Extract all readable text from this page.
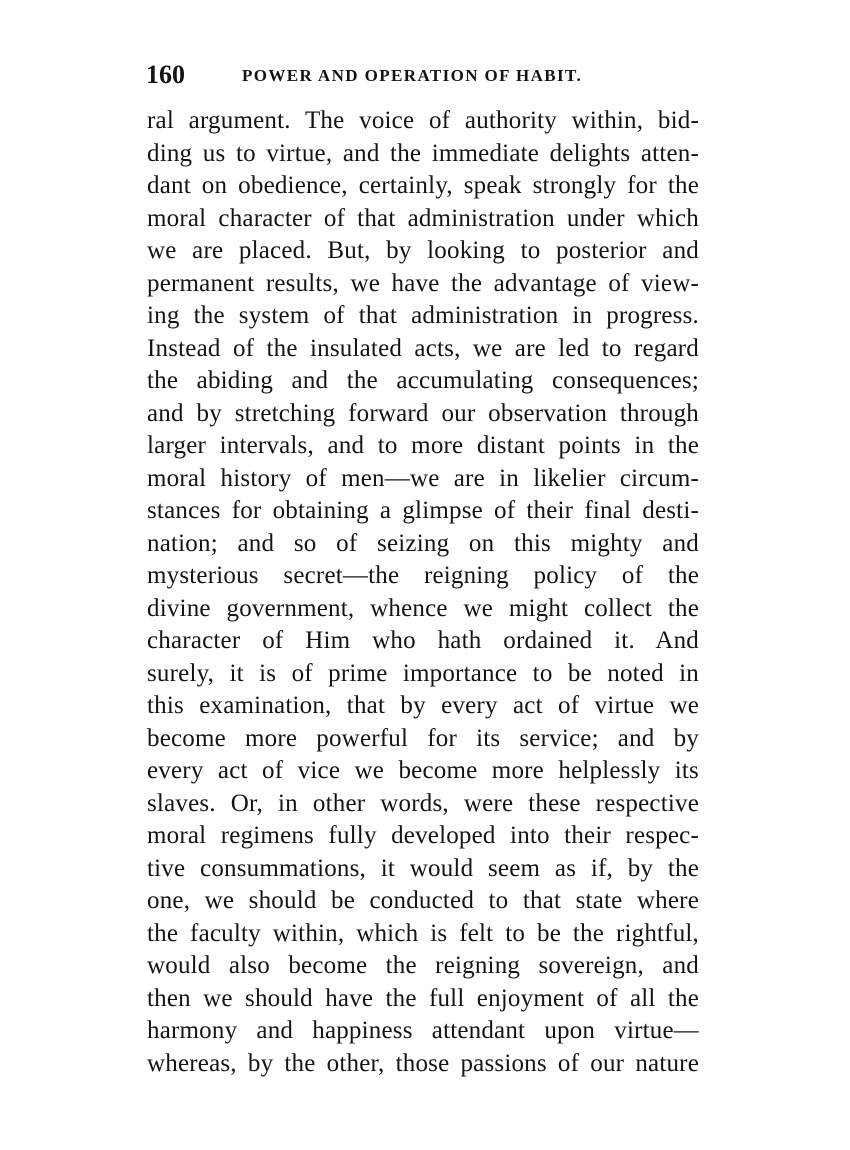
160	POWER AND OPERATION OF HABIT.
ral argument. The voice of authority within, bid-
ding us to virtue, and the immediate delights atten-
dant on obedience, certainly, speak strongly for the
moral character of that administration under which
we are placed. But, by looking to posterior and
permanent results, we have the advantage of view-
ing the system of that administration in progress.
Instead of the insulated acts, we are led to regard
the abiding and the accumulating consequences;
and by stretching forward our observation through
larger intervals, and to more distant points in the
moral history of men—we are in likelier circum-
stances for obtaining a glimpse of their final desti-
nation; and so of seizing on this mighty and
mysterious secret—the reigning policy of the
divine government, whence we might collect the
character of Him who hath ordained it. And
surely, it is of prime importance to be noted in
this examination, that by every act of virtue we
become more powerful for its service; and by
every act of vice we become more helplessly its
slaves. Or, in other words, were these respective
moral regimens fully developed into their respec-
tive consummations, it would seem as if, by the
one, we should be conducted to that state where
the faculty within, which is felt to be the rightful,
would also become the reigning sovereign, and
then we should have the full enjoyment of all the
harmony and happiness attendant upon virtue—
whereas, by the other, those passions of our nature
